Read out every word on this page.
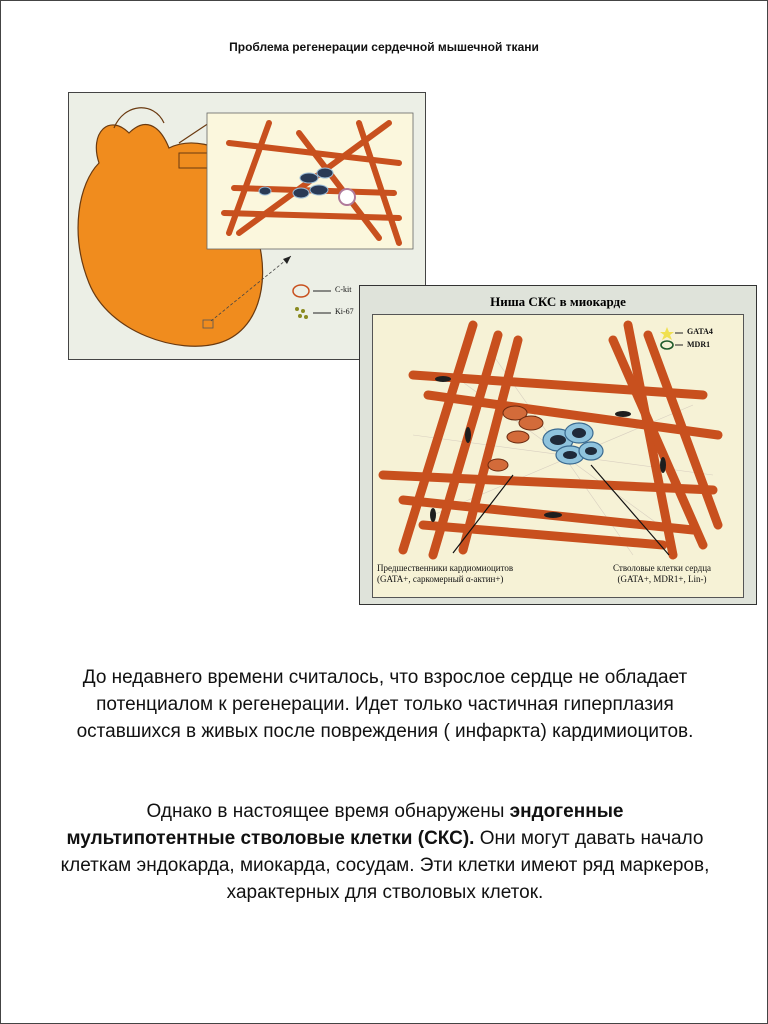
Проблема регенерации сердечной мышечной ткани
C-kit
Ki-67
Ниша СКС в миокарде
GATA4
MDR1
Предшественники кардиомиоцитов
(GATA+, саркомерный α-актин+)
Стволовые клетки сердца
(GATA+, MDR1+, Lin-)
До недавнего времени считалось, что взрослое сердце не обладает потенциалом к регенерации. Идет только частичная гиперплазия оставшихся в живых после повреждения ( инфаркта) кардимиоцитов.
Однако в настоящее время обнаружены эндогенные мультипотентные стволовые клетки (СКС). Они могут давать начало клеткам эндокарда, миокарда, сосудам. Эти клетки имеют ряд маркеров, характерных для стволовых клеток.
